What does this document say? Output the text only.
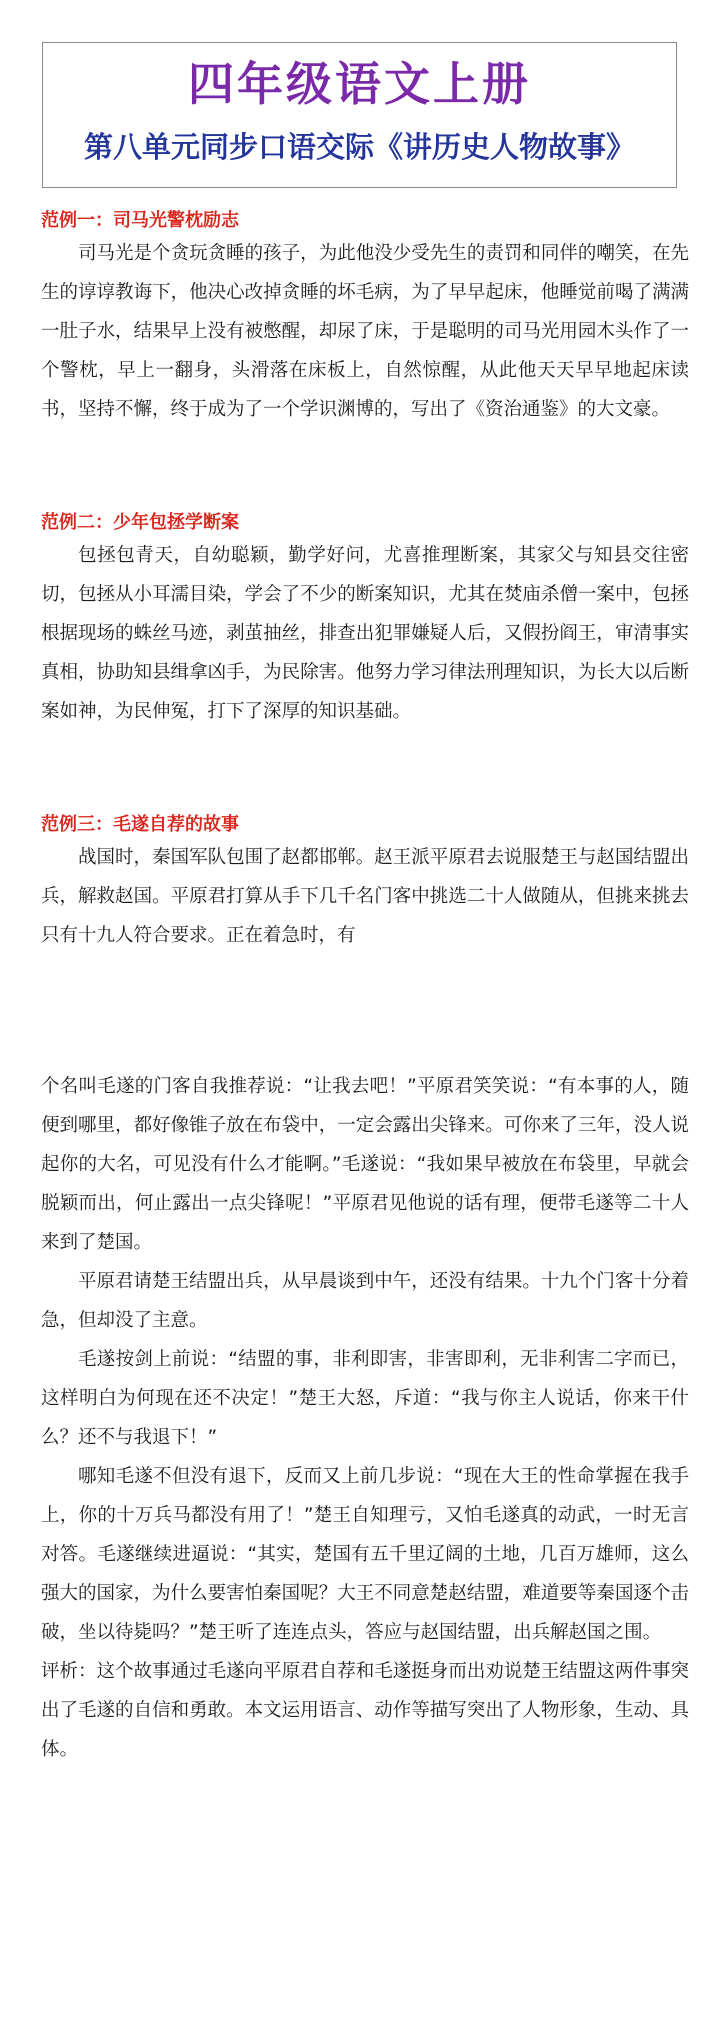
四年级语文上册
第八单元同步口语交际《讲历史人物故事》
范例一：司马光警枕励志

司马光是个贪玩贪睡的孩子，为此他没少受先生的责罚和同伴的嘲笑，在先生的谆谆教诲下，他决心改掉贪睡的坏毛病，为了早早起床，他睡觉前喝了满满一肚子水，结果早上没有被憋醒，却尿了床，于是聪明的司马光用园木头作了一个警枕，早上一翻身，头滑落在床板上，自然惊醒，从此他天天早早地起床读书，坚持不懈，终于成为了一个学识渊博的，写出了《资治通鉴》的大文豪。

范例二：少年包拯学断案

包拯包青天，自幼聪颖，勤学好问，尤喜推理断案，其家父与知县交往密切，包拯从小耳濡目染，学会了不少的断案知识，尤其在焚庙杀僧一案中，包拯根据现场的蛛丝马迹，剥茧抽丝，排查出犯罪嫌疑人后，又假扮阎王，审清事实真相，协助知县缉拿凶手，为民除害。他努力学习律法刑理知识，为长大以后断案如神，为民伸冤，打下了深厚的知识基础。

范例三：毛遂自荐的故事

战国时，秦国军队包围了赵都邯郸。赵王派平原君去说服楚王与赵国结盟出兵，解救赵国。平原君打算从手下几千名门客中挑选二十人做随从，但挑来挑去只有十九人符合要求。正在着急时，有

个名叫毛遂的门客自我推荐说：“让我去吧！”平原君笑笑说：“有本事的人，随便到哪里，都好像锥子放在布袋中，一定会露出尖锋来。可你来了三年，没人说起你的大名，可见没有什么才能啊。”毛遂说：“我如果早被放在布袋里，早就会脱颖而出，何止露出一点尖锋呢！”平原君见他说的话有理，便带毛遂等二十人来到了楚国。

平原君请楚王结盟出兵，从早晨谈到中午，还没有结果。十九个门客十分着急，但却没了主意。

毛遂按剑上前说：“结盟的事，非利即害，非害即利，无非利害二字而已，这样明白为何现在还不决定！”楚王大怒，斥道：“我与你主人说话，你来干什么？还不与我退下！”

哪知毛遂不但没有退下，反而又上前几步说：“现在大王的性命掌握在我手上，你的十万兵马都没有用了！”楚王自知理亏，又怕毛遂真的动武，一时无言对答。毛遂继续进逼说：“其实，楚国有五千里辽阔的土地，几百万雄师，这么强大的国家，为什么要害怕秦国呢？大王不同意楚赵结盟，难道要等秦国逐个击破，坐以待毙吗？”楚王听了连连点头，答应与赵国结盟，出兵解赵国之围。

评析：这个故事通过毛遂向平原君自荐和毛遂挺身而出劝说楚王结盟这两件事突出了毛遂的自信和勇敢。本文运用语言、动作等描写突出了人物形象，生动、具体。
